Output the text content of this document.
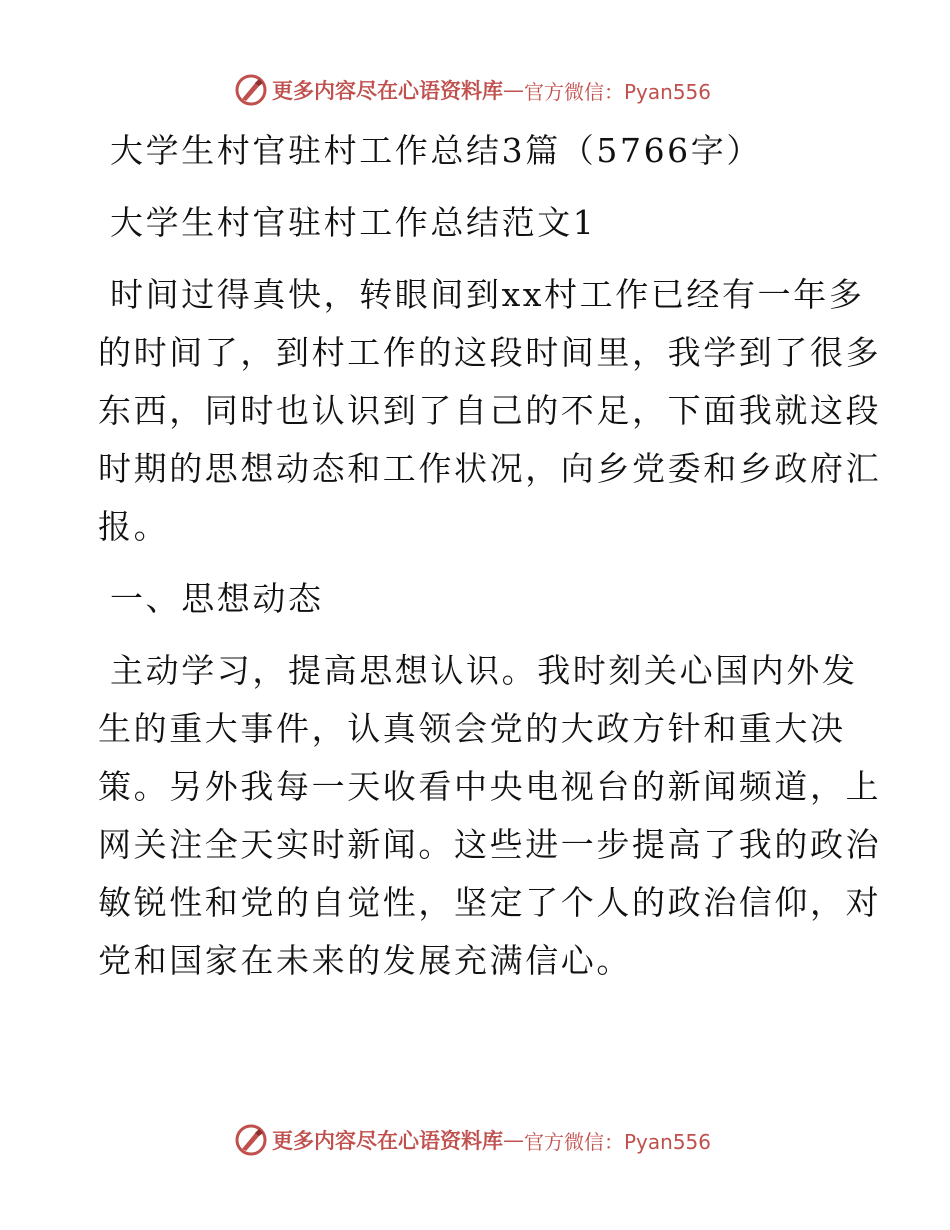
更多内容尽在心语资料库 — 官方微信：Pyan556
大学生村官驻村工作总结3篇（5766字）
大学生村官驻村工作总结范文1
时间过得真快，转眼间到xx村工作已经有一年多
的时间了，到村工作的这段时间里，我学到了很多
东西，同时也认识到了自己的不足，下面我就这段
时期的思想动态和工作状况，向乡党委和乡政府汇
报。
一、思想动态
主动学习，提高思想认识。我时刻关心国内外发
生的重大事件，认真领会党的大政方针和重大决
策。另外我每一天收看中央电视台的新闻频道，上
网关注全天实时新闻。这些进一步提高了我的政治
敏锐性和党的自觉性，坚定了个人的政治信仰，对
党和国家在未来的发展充满信心。
更多内容尽在心语资料库 — 官方微信：Pyan556
